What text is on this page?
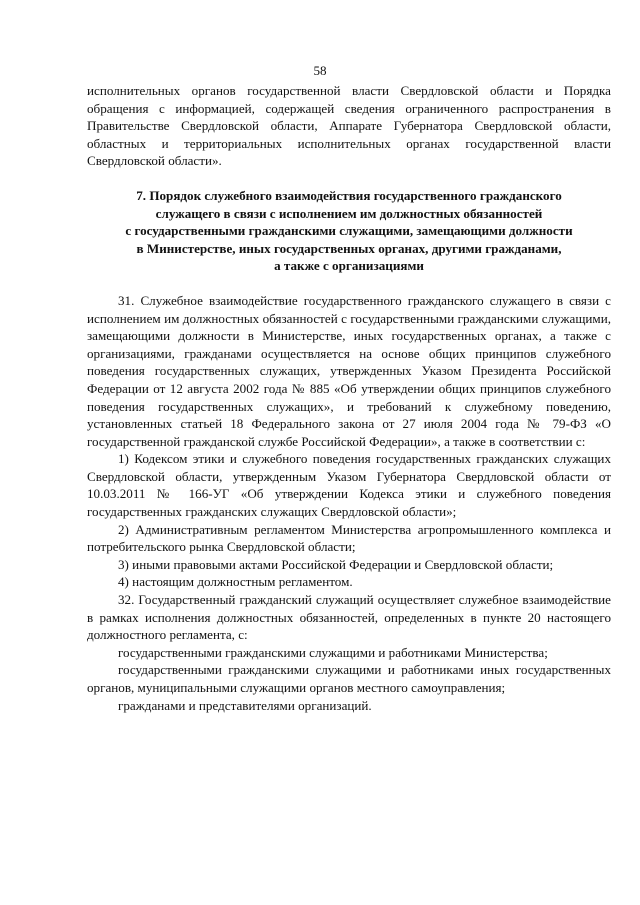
58

исполнительных органов государственной власти Свердловской области и Порядка обращения с информацией, содержащей сведения ограниченного распространения в Правительстве Свердловской области, Аппарате Губернатора Свердловской области, областных и территориальных исполнительных органах государственной власти Свердловской области».

7. Порядок служебного взаимодействия государственного гражданского
служащего в связи с исполнением им должностных обязанностей
с государственными гражданскими служащими, замещающими должности
в Министерстве, иных государственных органах, другими гражданами,
а также с организациями

31. Служебное взаимодействие государственного гражданского служащего в связи с исполнением им должностных обязанностей с государственными гражданскими служащими, замещающими должности в Министерстве, иных государственных органах, а также с организациями, гражданами осуществляется на основе общих принципов служебного поведения государственных служащих, утвержденных Указом Президента Российской Федерации от 12 августа 2002 года № 885 «Об утверждении общих принципов служебного поведения государственных служащих», и требований к служебному поведению, установленных статьей 18 Федерального закона от 27 июля 2004 года № 79-ФЗ «О государственной гражданской службе Российской Федерации», а также в соответствии с:

1) Кодексом этики и служебного поведения государственных гражданских служащих Свердловской области, утвержденным Указом Губернатора Свердловской области от 10.03.2011 № 166-УГ «Об утверждении Кодекса этики и служебного поведения государственных гражданских служащих Свердловской области»;

2) Административным регламентом Министерства агропромышленного комплекса и потребительского рынка Свердловской области;

3) иными правовыми актами Российской Федерации и Свердловской области;

4) настоящим должностным регламентом.

32. Государственный гражданский служащий осуществляет служебное взаимодействие в рамках исполнения должностных обязанностей, определенных в пункте 20 настоящего должностного регламента, с:

государственными гражданскими служащими и работниками Министерства;

государственными гражданскими служащими и работниками иных государственных органов, муниципальными служащими органов местного самоуправления;

гражданами и представителями организаций.
